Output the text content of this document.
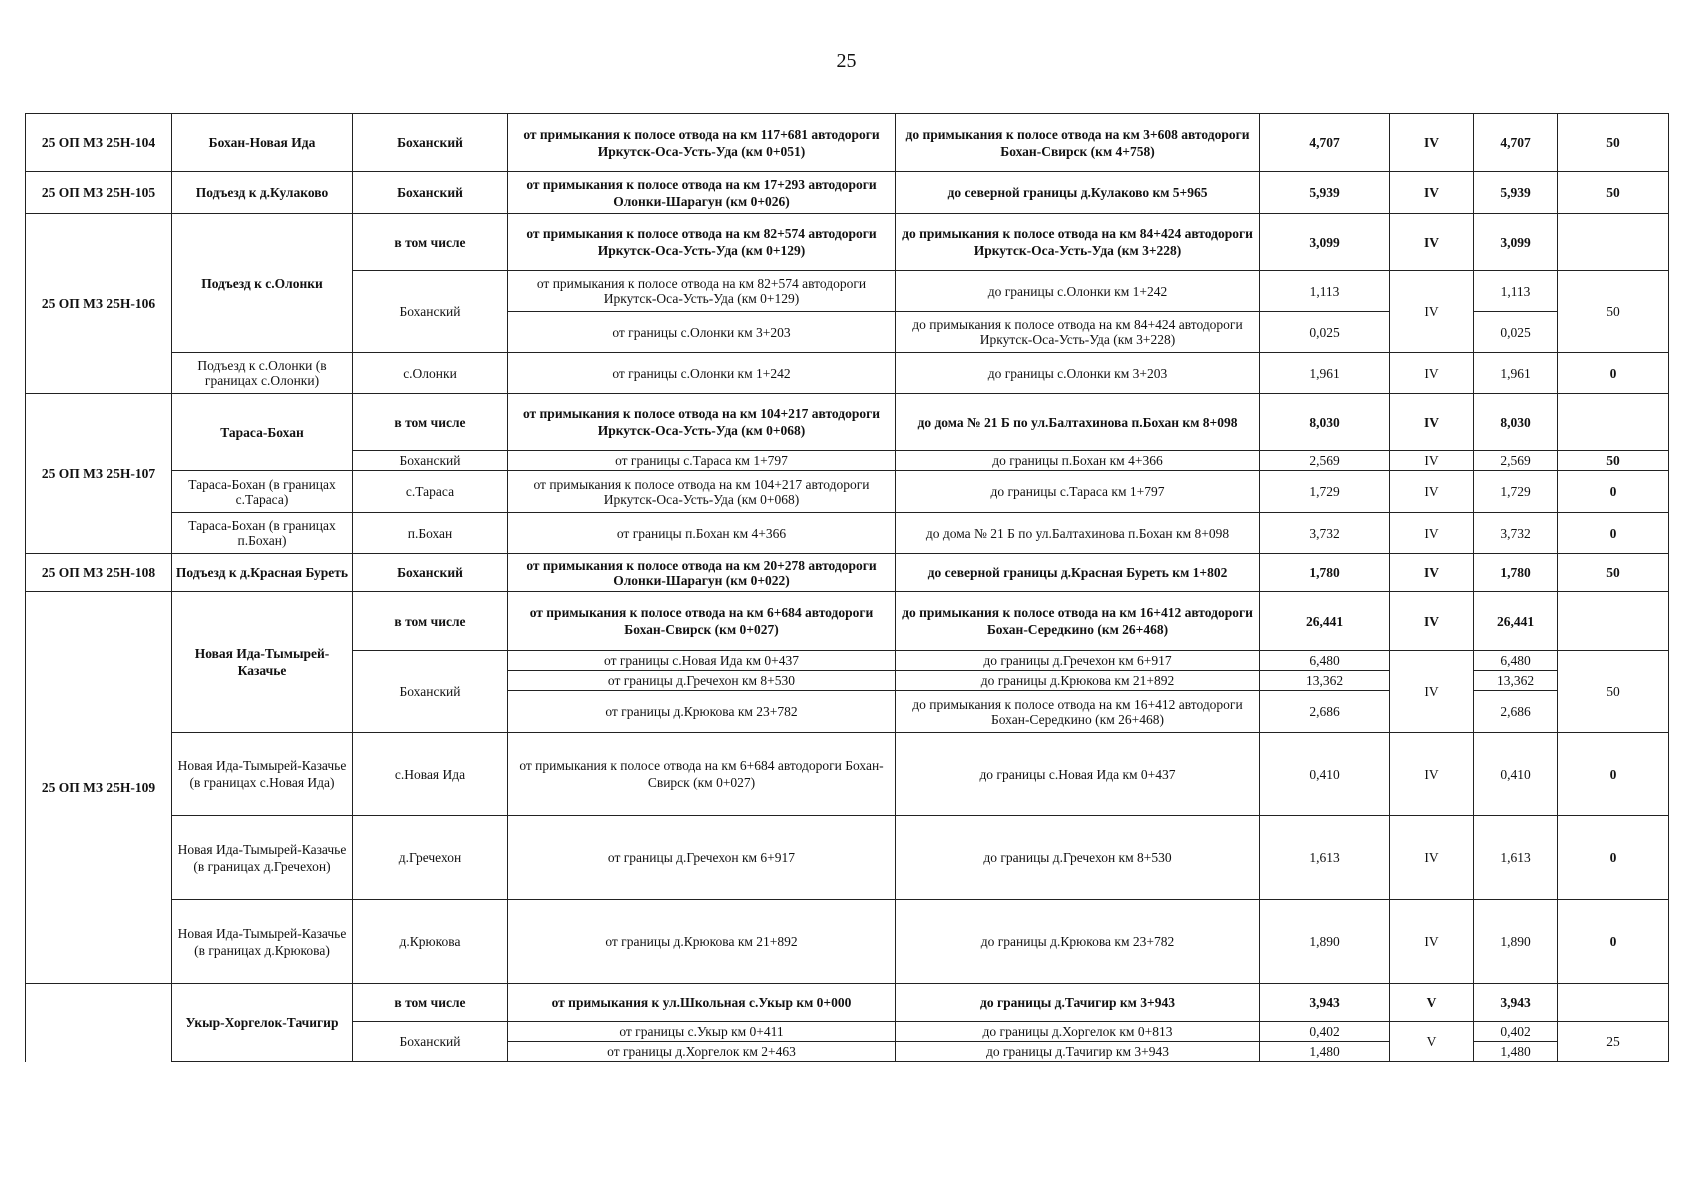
25
25 ОП МЗ 25Н-104	Бохан-Новая Ида	Боханский	от примыкания к полосе отвода на км 117+681 автодороги Иркутск-Оса-Усть-Уда (км 0+051)	до примыкания к полосе отвода на км 3+608 автодороги Бохан-Свирск (км 4+758)	4,707	IV	4,707	50
25 ОП МЗ 25Н-105	Подъезд к д.Кулаково	Боханский	от примыкания к полосе отвода на км 17+293 автодороги Олонки-Шарагун (км 0+026)	до северной границы д.Кулаково км 5+965	5,939	IV	5,939	50
25 ОП МЗ 25Н-106	Подъезд к с.Олонки	в том числе	от примыкания к полосе отвода на км 82+574 автодороги Иркутск-Оса-Усть-Уда (км 0+129)	до примыкания к полосе отвода на км 84+424 автодороги Иркутск-Оса-Усть-Уда (км 3+228)	3,099	IV	3,099	
		Боханский	от примыкания к полосе отвода на км 82+574 автодороги Иркутск-Оса-Усть-Уда (км 0+129)	до границы с.Олонки км 1+242	1,113	IV	1,113	50
			от границы с.Олонки км 3+203	до примыкания к полосе отвода на км 84+424 автодороги Иркутск-Оса-Усть-Уда (км 3+228)	0,025		0,025	
	Подъезд к с.Олонки (в границах с.Олонки)	с.Олонки	от границы с.Олонки км 1+242	до границы с.Олонки км 3+203	1,961	IV	1,961	0
25 ОП МЗ 25Н-107	Тараса-Бохан	в том числе	от примыкания к полосе отвода на км 104+217 автодороги Иркутск-Оса-Усть-Уда (км 0+068)	до дома № 21 Б по ул.Балтахинова п.Бохан км 8+098	8,030	IV	8,030	
		Боханский	от границы с.Тараса км 1+797	до границы п.Бохан км 4+366	2,569	IV	2,569	50
	Тараса-Бохан (в границах с.Тараса)	с.Тараса	от примыкания к полосе отвода на км 104+217 автодороги Иркутск-Оса-Усть-Уда (км 0+068)	до границы с.Тараса км 1+797	1,729	IV	1,729	0
	Тараса-Бохан (в границах п.Бохан)	п.Бохан	от границы п.Бохан км 4+366	до дома № 21 Б по ул.Балтахинова п.Бохан км 8+098	3,732	IV	3,732	0
25 ОП МЗ 25Н-108	Подъезд к д.Красная Буреть	Боханский	от примыкания к полосе отвода на км 20+278 автодороги Олонки-Шарагун (км 0+022)	до северной границы д.Красная Буреть км 1+802	1,780	IV	1,780	50
25 ОП МЗ 25Н-109	Новая Ида-Тымырей-Казачье	в том числе	от примыкания к полосе отвода на км 6+684 автодороги Бохан-Свирск (км 0+027)	до примыкания к полосе отвода на км 16+412 автодороги Бохан-Середкино (км 26+468)	26,441	IV	26,441	
		Боханский	от границы с.Новая Ида км 0+437	до границы д.Гречехон км 6+917	6,480	IV	6,480	50
			от границы д.Гречехон км 8+530	до границы д.Крюкова км 21+892	13,362		13,362	
			от границы д.Крюкова км 23+782	до примыкания к полосе отвода на км 16+412 автодороги Бохан-Середкино (км 26+468)	2,686		2,686	
	Новая Ида-Тымырей-Казачье (в границах с.Новая Ида)	с.Новая Ида	от примыкания к полосе отвода на км 6+684 автодороги Бохан-Свирск (км 0+027)	до границы с.Новая Ида км 0+437	0,410	IV	0,410	0
	Новая Ида-Тымырей-Казачье (в границах д.Гречехон)	д.Гречехон	от границы д.Гречехон км 6+917	до границы д.Гречехон км 8+530	1,613	IV	1,613	0
	Новая Ида-Тымырей-Казачье (в границах д.Крюкова)	д.Крюкова	от границы д.Крюкова км 21+892	до границы д.Крюкова км 23+782	1,890	IV	1,890	0
	Укыр-Хоргелок-Тачигир	в том числе	от примыкания к ул.Школьная с.Укыр км 0+000	до границы д.Тачигир км 3+943	3,943	V	3,943	
		Боханский	от границы с.Укыр км 0+411	до границы д.Хоргелок км 0+813	0,402	V	0,402	25
			от границы д.Хоргелок км 2+463	до границы д.Тачигир км 3+943	1,480		1,480	
